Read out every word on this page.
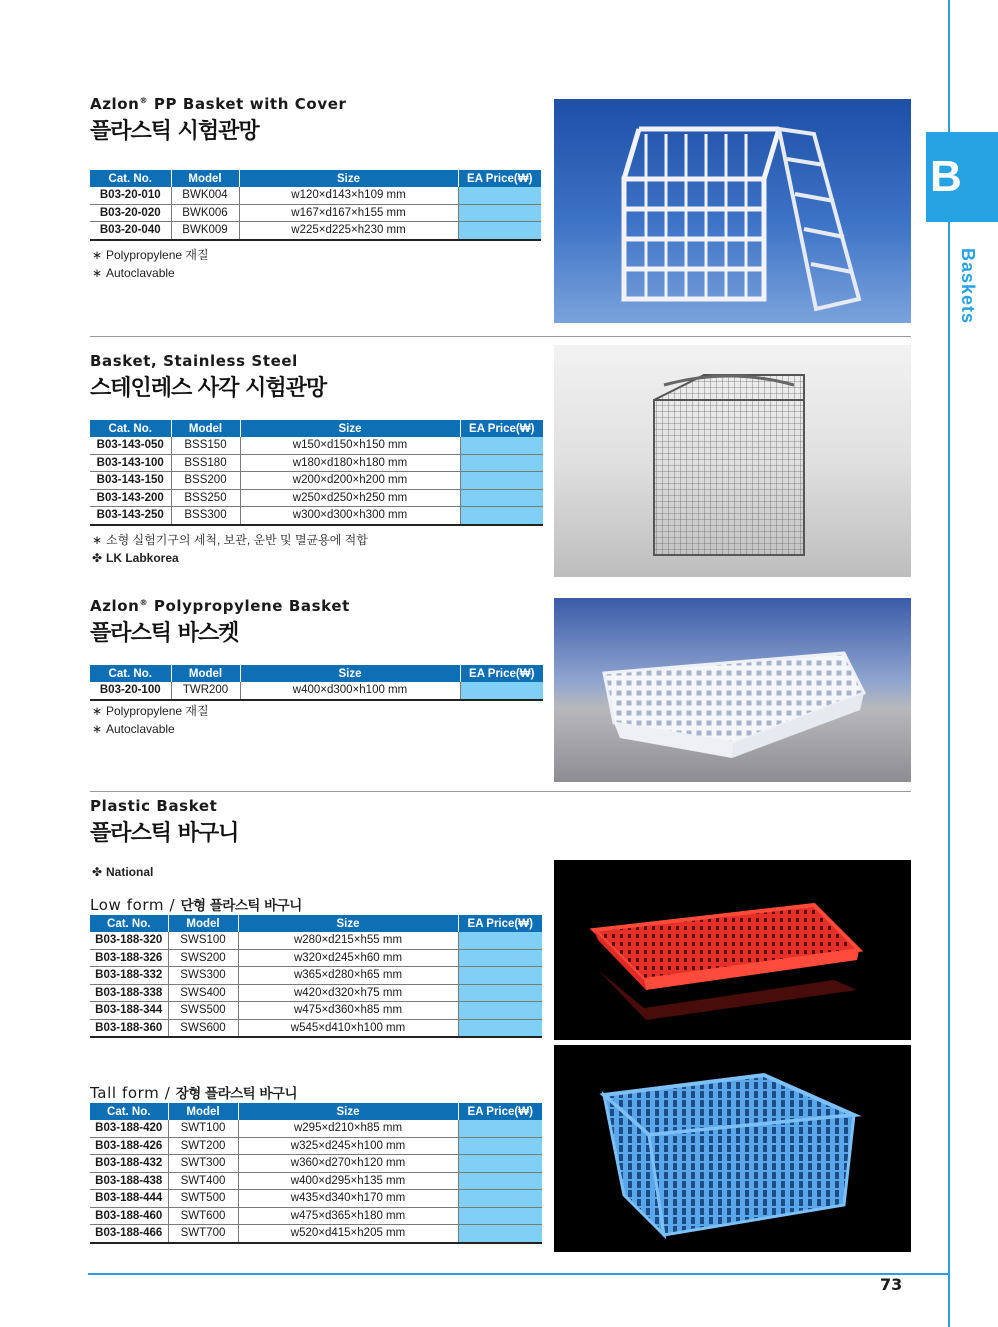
B
Baskets
Azlon® PP Basket with Cover
플라스틱 시험관망
Cat. No.	Model	Size	EA Price(₩)
B03-20-010	BWK004	w120×d143×h109 mm	
B03-20-020	BWK006	w167×d167×h155 mm	
B03-20-040	BWK009	w225×d225×h230 mm	
∗ Polypropylene 재질
∗ Autoclavable
Basket, Stainless Steel
스테인레스 사각 시험관망
Cat. No.	Model	Size	EA Price(₩)
B03-143-050	BSS150	w150×d150×h150 mm	
B03-143-100	BSS180	w180×d180×h180 mm	
B03-143-150	BSS200	w200×d200×h200 mm	
B03-143-200	BSS250	w250×d250×h250 mm	
B03-143-250	BSS300	w300×d300×h300 mm	
∗ 소형 실험기구의 세척, 보관, 운반 및 멸균용에 적합
✤ LK Labkorea
Azlon® Polypropylene Basket
플라스틱 바스켓
Cat. No.	Model	Size	EA Price(₩)
B03-20-100	TWR200	w400×d300×h100 mm	
∗ Polypropylene 재질
∗ Autoclavable
Plastic Basket
플라스틱 바구니
✤ National
Low form / 단형 플라스틱 바구니
Cat. No.	Model	Size	EA Price(₩)
B03-188-320	SWS100	w280×d215×h55 mm	
B03-188-326	SWS200	w320×d245×h60 mm	
B03-188-332	SWS300	w365×d280×h65 mm	
B03-188-338	SWS400	w420×d320×h75 mm	
B03-188-344	SWS500	w475×d360×h85 mm	
B03-188-360	SWS600	w545×d410×h100 mm	
Tall form / 장형 플라스틱 바구니
Cat. No.	Model	Size	EA Price(₩)
B03-188-420	SWT100	w295×d210×h85 mm	
B03-188-426	SWT200	w325×d245×h100 mm	
B03-188-432	SWT300	w360×d270×h120 mm	
B03-188-438	SWT400	w400×d295×h135 mm	
B03-188-444	SWT500	w435×d340×h170 mm	
B03-188-460	SWT600	w475×d365×h180 mm	
B03-188-466	SWT700	w520×d415×h205 mm	
73
